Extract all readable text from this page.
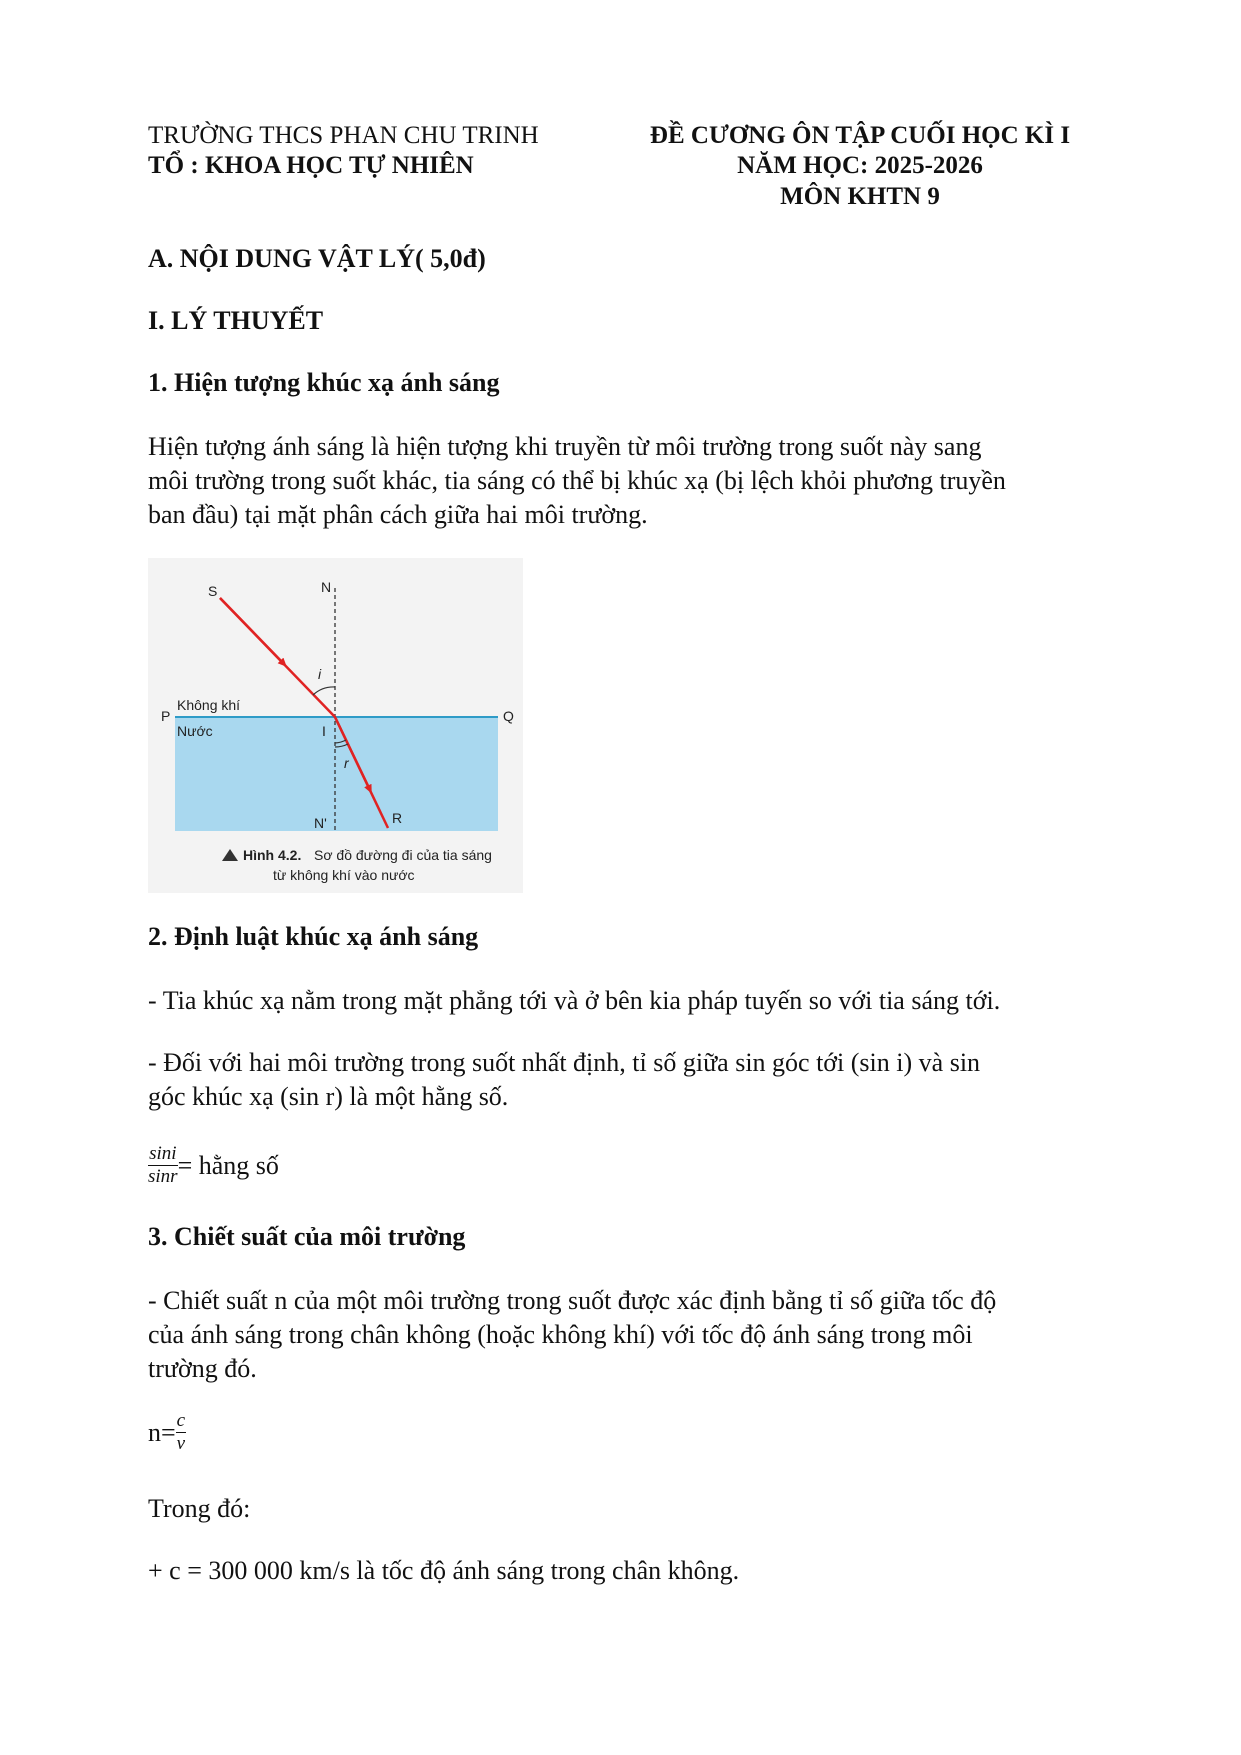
TRƯỜNG THCS PHAN CHU TRINH
TỔ : KHOA HỌC TỰ NHIÊN
ĐỀ CƯƠNG ÔN TẬP CUỐI HỌC KÌ I
NĂM HỌC: 2025-2026
MÔN KHTN 9
A. NỘI DUNG VẬT LÝ( 5,0đ)
I. LÝ THUYẾT
1. Hiện tượng khúc xạ ánh sáng
Hiện tượng ánh sáng là hiện tượng khi truyền từ môi trường trong suốt này sang
môi trường trong suốt khác, tia sáng có thể bị khúc xạ (bị lệch khỏi phương truyền
ban đầu) tại mặt phân cách giữa hai môi trường.
S	N
i
Không khí
P	Q
Nước	I
r
N'	R
Hình 4.2. Sơ đồ đường đi của tia sáng
từ không khí vào nước
2. Định luật khúc xạ ánh sáng
- Tia khúc xạ nằm trong mặt phẳng tới và ở bên kia pháp tuyến so với tia sáng tới.
- Đối với hai môi trường trong suốt nhất định, tỉ số giữa sin góc tới (sin i) và sin
góc khúc xạ (sin r) là một hằng số.
$\frac{\sin i}{\sin r}$ = hằng số
3. Chiết suất của môi trường
- Chiết suất n của một môi trường trong suốt được xác định bằng tỉ số giữa tốc độ
của ánh sáng trong chân không (hoặc không khí) với tốc độ ánh sáng trong môi
trường đó.
$n= \frac{c}{v}$
Trong đó:
+ c = 300 000 km/s là tốc độ ánh sáng trong chân không.
